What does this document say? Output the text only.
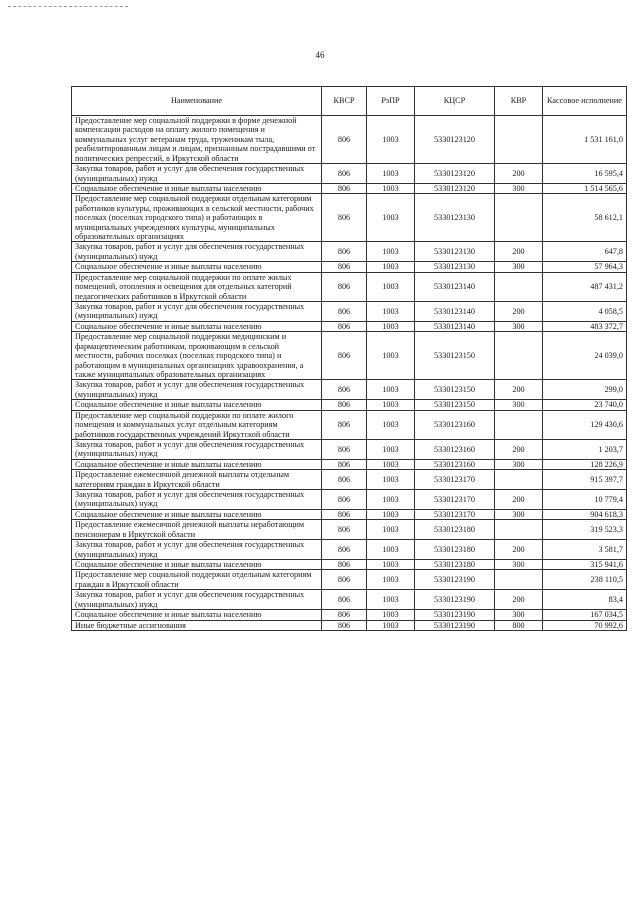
46
Наименование	КВСР	РзПР	КЦСР	КВР	Кассовое исполнение
Предоставление мер социальной поддержки в форме денежной компенсации расходов на оплату жилого помещения и коммунальных услуг ветеранам труда, труженикам тыла, реабилитированным лицам и лицам, признанным пострадавшими от политических репрессий, в Иркутской области	806	1003	5330123120		1 531 161,0
Закупка товаров, работ и услуг для обеспечения государственных (муниципальных) нужд	806	1003	5330123120	200	16 595,4
Социальное обеспечение и иные выплаты населению	806	1003	5330123120	300	1 514 565,6
Предоставление мер социальной поддержки отдельным категориям работников культуры, проживающих в сельской местности, рабочих поселках (поселках городского типа) и работающих в муниципальных учреждениях культуры, муниципальных образовательных организациях	806	1003	5330123130		58 612,1
Закупка товаров, работ и услуг для обеспечения государственных (муниципальных) нужд	806	1003	5330123130	200	647,8
Социальное обеспечение и иные выплаты населению	806	1003	5330123130	300	57 964,3
Предоставление мер социальной поддержки по оплате жилых помещений, отопления и освещения для отдельных категорий педагогических работников в Иркутской области	806	1003	5330123140		487 431,2
Закупка товаров, работ и услуг для обеспечения государственных (муниципальных) нужд	806	1003	5330123140	200	4 058,5
Социальное обеспечение и иные выплаты населению	806	1003	5330123140	300	483 372,7
Предоставление мер социальной поддержки медицинским и фармацевтическим работникам, проживающим в сельской местности, рабочих поселках (поселках городского типа) и работающим в муниципальных организациях здравоохранения, а также муниципальных образовательных организациях	806	1003	5330123150		24 039,0
Закупка товаров, работ и услуг для обеспечения государственных (муниципальных) нужд	806	1003	5330123150	200	299,0
Социальное обеспечение и иные выплаты населению	806	1003	5330123150	300	23 740,0
Предоставление мер социальной поддержки по оплате жилого помещения и коммунальных услуг отдельным категориям работников государственных учреждений Иркутской области	806	1003	5330123160		129 430,6
Закупка товаров, работ и услуг для обеспечения государственных (муниципальных) нужд	806	1003	5330123160	200	1 203,7
Социальное обеспечение и иные выплаты населению	806	1003	5330123160	300	128 226,9
Предоставление ежемесячной денежной выплаты отдельным категориям граждан в Иркутской области	806	1003	5330123170		915 397,7
Закупка товаров, работ и услуг для обеспечения государственных (муниципальных) нужд	806	1003	5330123170	200	10 779,4
Социальное обеспечение и иные выплаты населению	806	1003	5330123170	300	904 618,3
Предоставление ежемесячной денежной выплаты неработающим пенсионерам в Иркутской области	806	1003	5330123180		319 523,3
Закупка товаров, работ и услуг для обеспечения государственных (муниципальных) нужд	806	1003	5330123180	200	3 581,7
Социальное обеспечение и иные выплаты населению	806	1003	5330123180	300	315 941,6
Предоставление мер социальной поддержки отдельным категориям граждан в Иркутской области	806	1003	5330123190		238 110,5
Закупка товаров, работ и услуг для обеспечения государственных (муниципальных) нужд	806	1003	5330123190	200	83,4
Социальное обеспечение и иные выплаты населению	806	1003	5330123190	300	167 034,5
Иные бюджетные ассигнования	806	1003	5330123190	800	70 992,6
